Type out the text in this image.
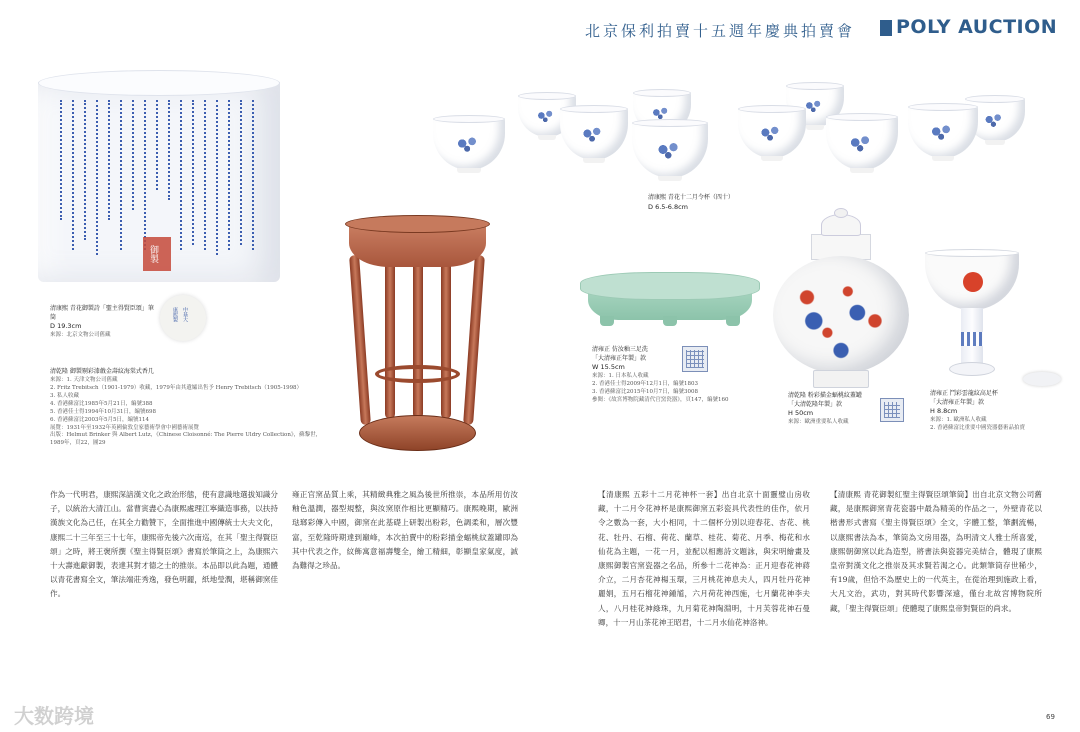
北京保利拍賣十五週年慶典拍賣會 POLY AUCTION
御製
中基大
康熙製
清康熙 青花御製詩「聖主得賢臣頌」筆筒
D 19.3cm
來源：北京文物公司舊藏
清乾隆 御製剔彩漆戧金壽紋海棠式香几
來源：1. 天津文物公司舊藏
2. Fritz Trebitsch（1901-1979）收藏，1979年由其遺孀出售予 Henry Trebitsch（1905-1998）
3. 私人收藏
4. 香港蘇富比1985年5月21日，編號388
5. 香港佳士得1994年10月31日，編號698
6. 香港蘇富比2003年5月5日，編號114
展覽：1931年至1932年英國倫敦皇家藝術學會中國藝術展覽
出版：Helmut Brinker 與 Albert Lutz，《Chinese Cloisonné: The Pierre Uldry Collection》，蘇黎世，1989年，頁22，圖29
清康熙 青花十二月令杯（四十）
D 6.5-6.8cm
清雍正 仿汝釉三足洗
「大清雍正年製」款
W 15.5cm
來源：1. 日本私人收藏
2. 香港佳士得2009年12月1日，編號1803
3. 香港蘇富比2015年10月7日，編號3008
參閱：《故宮博物院藏清代官窯瓷器》，頁147，編號160
清乾隆 粉彩描金蝠桃紋蓋罐
「大清乾隆年製」款
H 50cm
來源：歐洲重要私人收藏
清雍正 鬥彩雲龍紋高足杯
「大清雍正年製」款
H 8.8cm
來源：1. 歐洲私人收藏
2. 香港蘇富比重要中國瓷器藝術品拍賣
作為一代明君，康熙深諳漢文化之政治形態，使有意識地選拔知識分子，以統治大清江山。當曹寅盡心為康熙處理江寧織造事務，以扶持漢族文化為己任，在其全力勸贊下，全面推進中國傳統士大夫文化，康熙二十三年至三十七年，康熙帝先後六次南巡，在其「聖主得賢臣頌」之時，將王褒所撰《聖主得賢臣頌》書寫於筆筒之上，為康熙六十大壽進獻御製，表達其對才德之士的推崇。本品即以此為題，通體以青花書寫全文，筆法端莊秀逸，發色明麗，紙地瑩潤，堪稱御窯佳作。
雍正官窯品質上乘，其精緻典雅之風為後世所推崇，本品所用仿汝釉色溫潤，器型規整，與汝窯原作相比更顯精巧。康熙晚期，歐洲琺瑯彩傳入中國，御窯在此基礎上研製出粉彩，色調柔和，層次豐富，至乾隆時期達到巔峰，本次拍賣中的粉彩描金蝠桃紋蓋罐即為其中代表之作，紋飾寓意福壽雙全，繪工精細，彰顯皇家氣度，誠為難得之珍品。
【清康熙 五彩十二月花神杯一套】出自北京十面靈璧山房收藏，十二月令花神杯是康熙御窯五彩瓷具代表性的佳作，依月令之數為一套，大小相同，十二個杯分別以迎春花、杏花、桃花、牡丹、石榴、荷花、蘭草、桂花、菊花、月季、梅花和水仙花為主題，一花一月，並配以相應詩文題詠，與宋明繪畫及康熙御製官窯瓷器之名品，所參十二花神為：正月迎春花神蔣介立，二月杏花神楊玉環，三月桃花神息夫人，四月牡丹花神麗娟，五月石榴花神鍾馗，六月荷花神西施，七月蘭花神李夫人，八月桂花神綠珠，九月菊花神陶淵明，十月芙蓉花神石曼卿，十一月山茶花神王昭君，十二月水仙花神洛神。
【清康熙 青花御製紅聖主得賢臣頌筆筒】出自北京文物公司舊藏，是康熙御窯青花瓷器中最為精美的作品之一，外壁青花以楷書形式書寫《聖主得賢臣頌》全文，字體工整，筆劃流暢，以康熙書法為本，筆筒為文房用器，為明清文人雅士所喜愛，康熙朝御窯以此為造型，將書法與瓷器完美結合，體現了康熙皇帝對漢文化之推崇及其求賢若渴之心。此類筆筒存世稀少，有19歲，但恰不為歷史上的一代英主，在從治理到施政上看，大凡文治，武功，對其時代影響深遠，僅台北故宮博物院所藏，「聖主得賢臣頌」使體現了康熙皇帝對賢臣的尚求。
大数跨境	69
